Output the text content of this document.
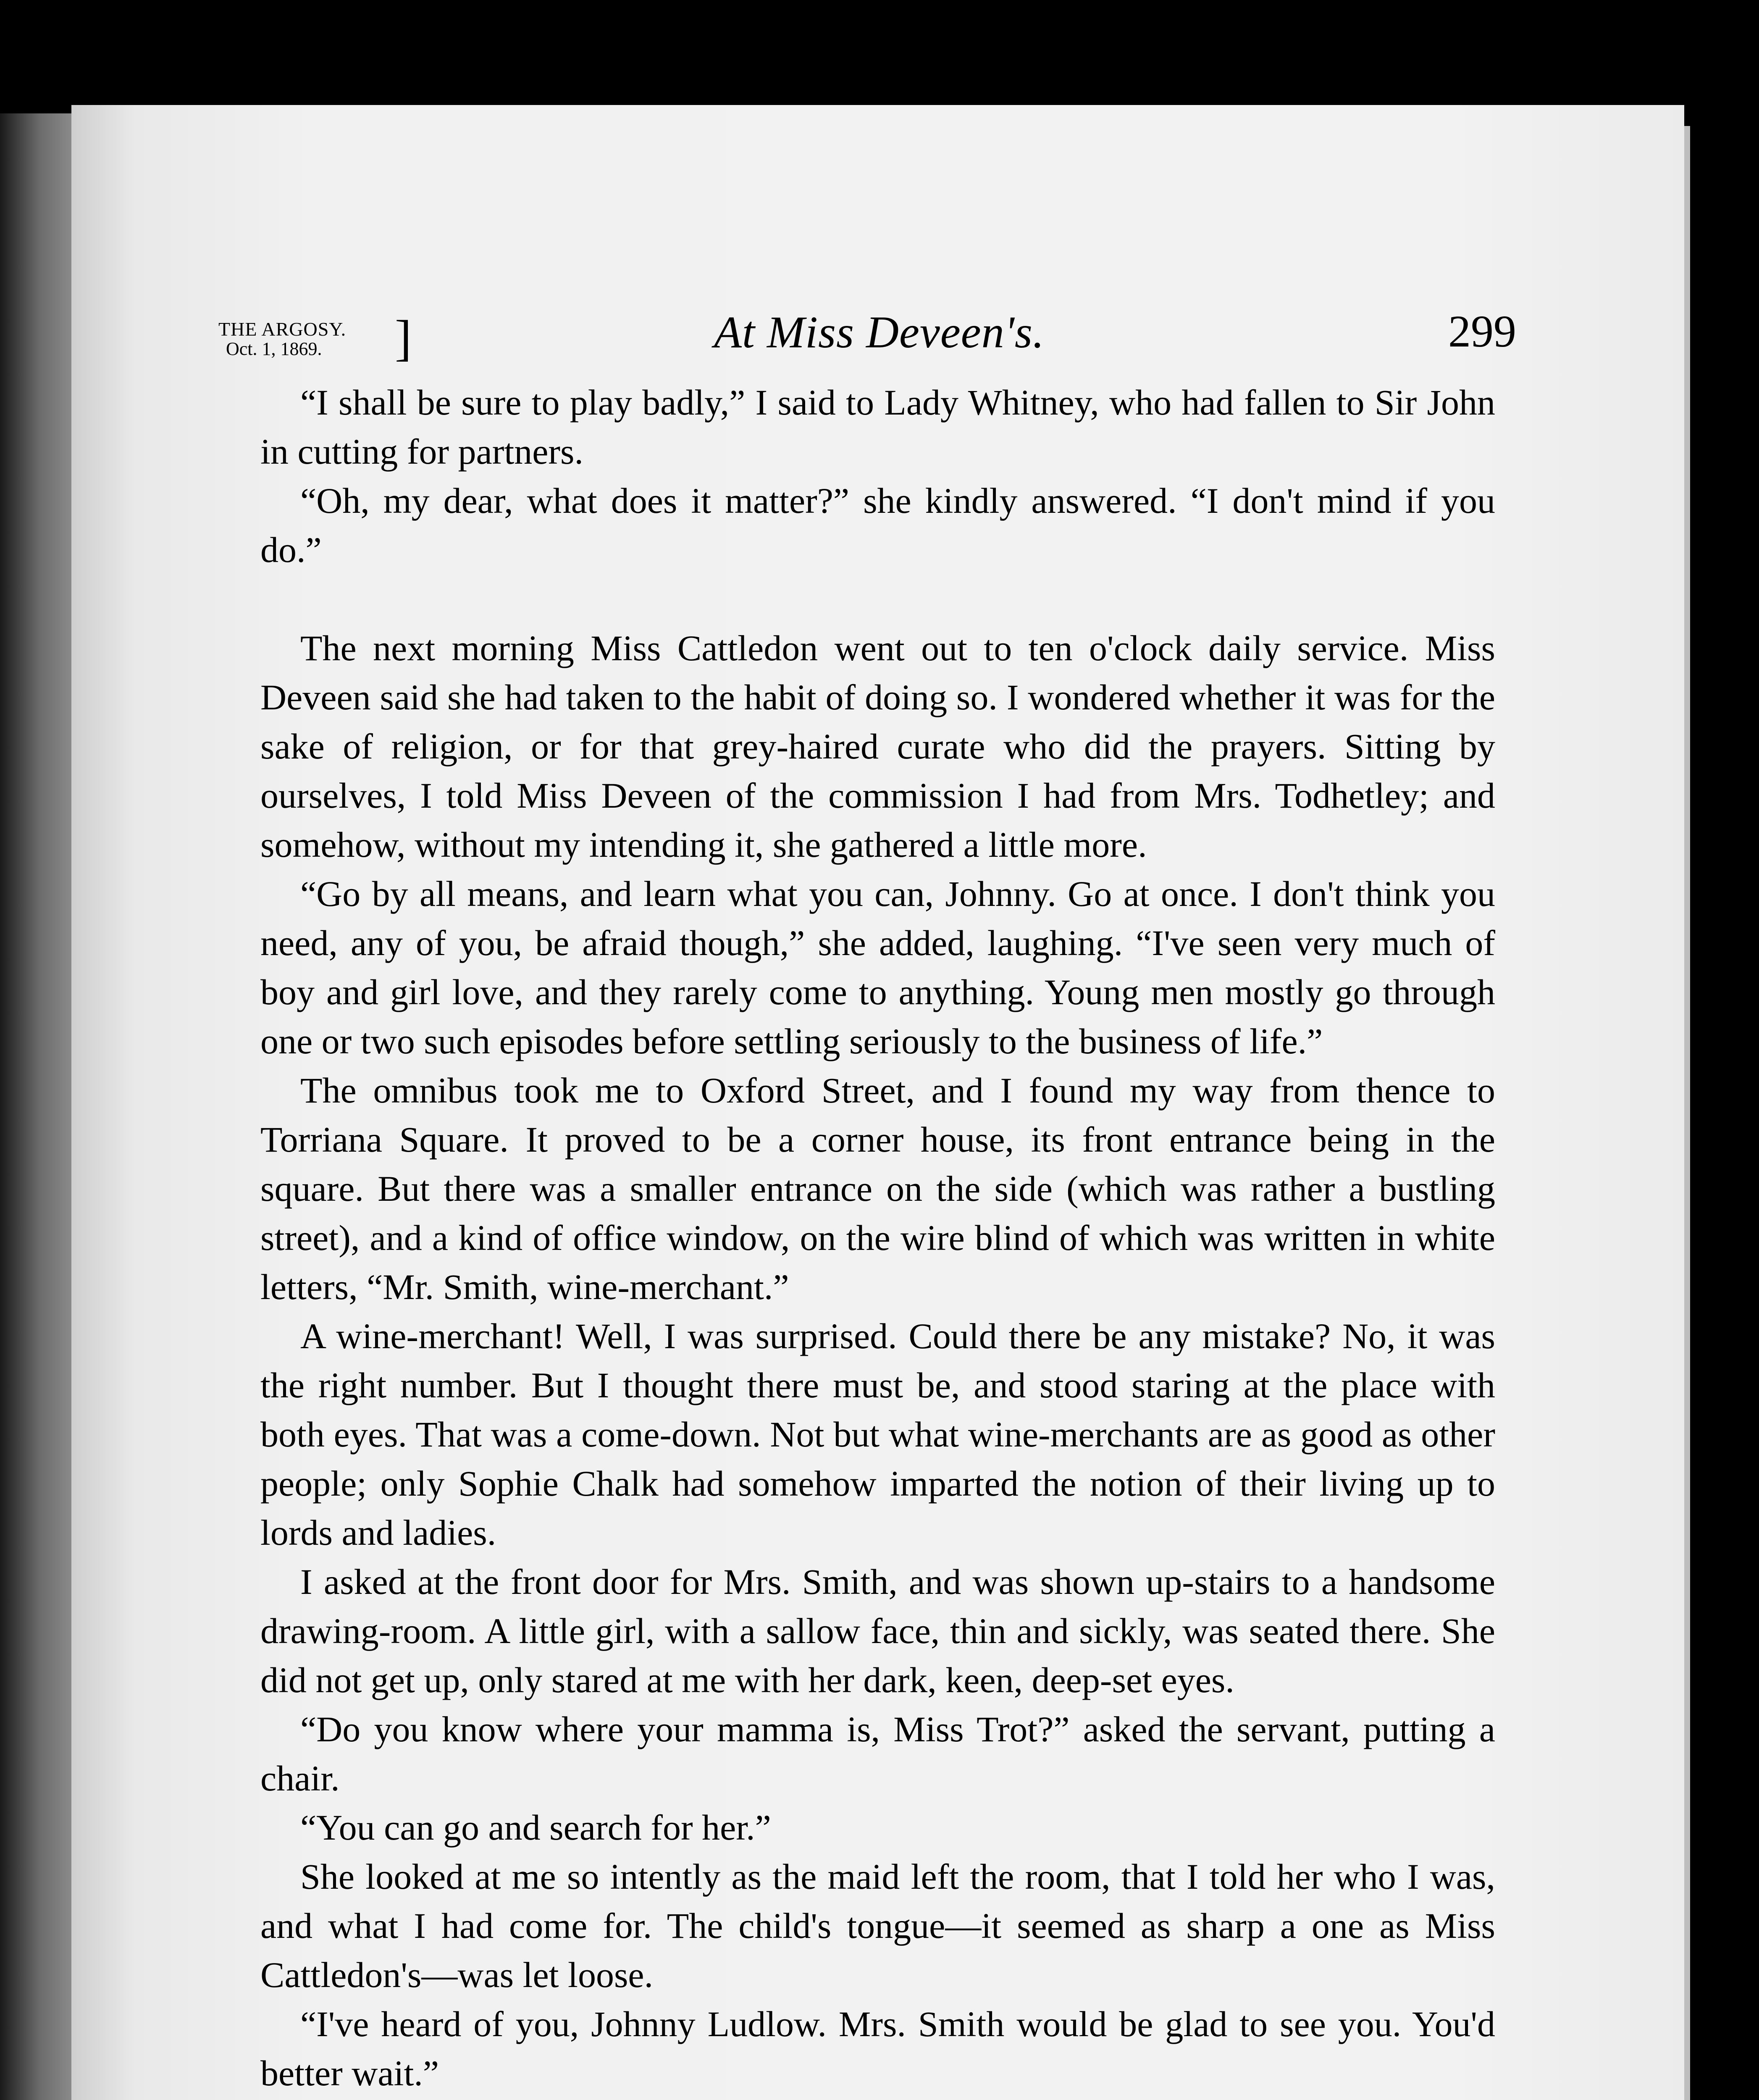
THE ARGOSY.
Oct. 1, 1869.	]	At Miss Deveen's.	299

“I shall be sure to play badly,” I said to Lady Whitney, who had fallen to Sir John in cutting for partners.

“Oh, my dear, what does it matter?” she kindly answered. “I don't mind if you do.”

The next morning Miss Cattledon went out to ten o'clock daily service. Miss Deveen said she had taken to the habit of doing so. I wondered whether it was for the sake of religion, or for that grey-haired curate who did the prayers. Sitting by ourselves, I told Miss Deveen of the commission I had from Mrs. Todhetley; and somehow, without my intending it, she gathered a little more.

“Go by all means, and learn what you can, Johnny. Go at once. I don't think you need, any of you, be afraid though,” she added, laughing. “I've seen very much of boy and girl love, and they rarely come to anything. Young men mostly go through one or two such episodes before settling seriously to the business of life.”

The omnibus took me to Oxford Street, and I found my way from thence to Torriana Square. It proved to be a corner house, its front entrance being in the square. But there was a smaller entrance on the side (which was rather a bustling street), and a kind of office window, on the wire blind of which was written in white letters, “Mr. Smith, wine-merchant.”

A wine-merchant! Well, I was surprised. Could there be any mistake? No, it was the right number. But I thought there must be, and stood staring at the place with both eyes. That was a come-down. Not but what wine-merchants are as good as other people; only Sophie Chalk had somehow imparted the notion of their living up to lords and ladies.

I asked at the front door for Mrs. Smith, and was shown up-stairs to a handsome drawing-room. A little girl, with a sallow face, thin and sickly, was seated there. She did not get up, only stared at me with her dark, keen, deep-set eyes.

“Do you know where your mamma is, Miss Trot?” asked the servant, putting a chair.

“You can go and search for her.”

She looked at me so intently as the maid left the room, that I told her who I was, and what I had come for. The child's tongue—it seemed as sharp a one as Miss Cattledon's—was let loose.

“I've heard of you, Johnny Ludlow. Mrs. Smith would be glad to see you. You'd better wait.”
